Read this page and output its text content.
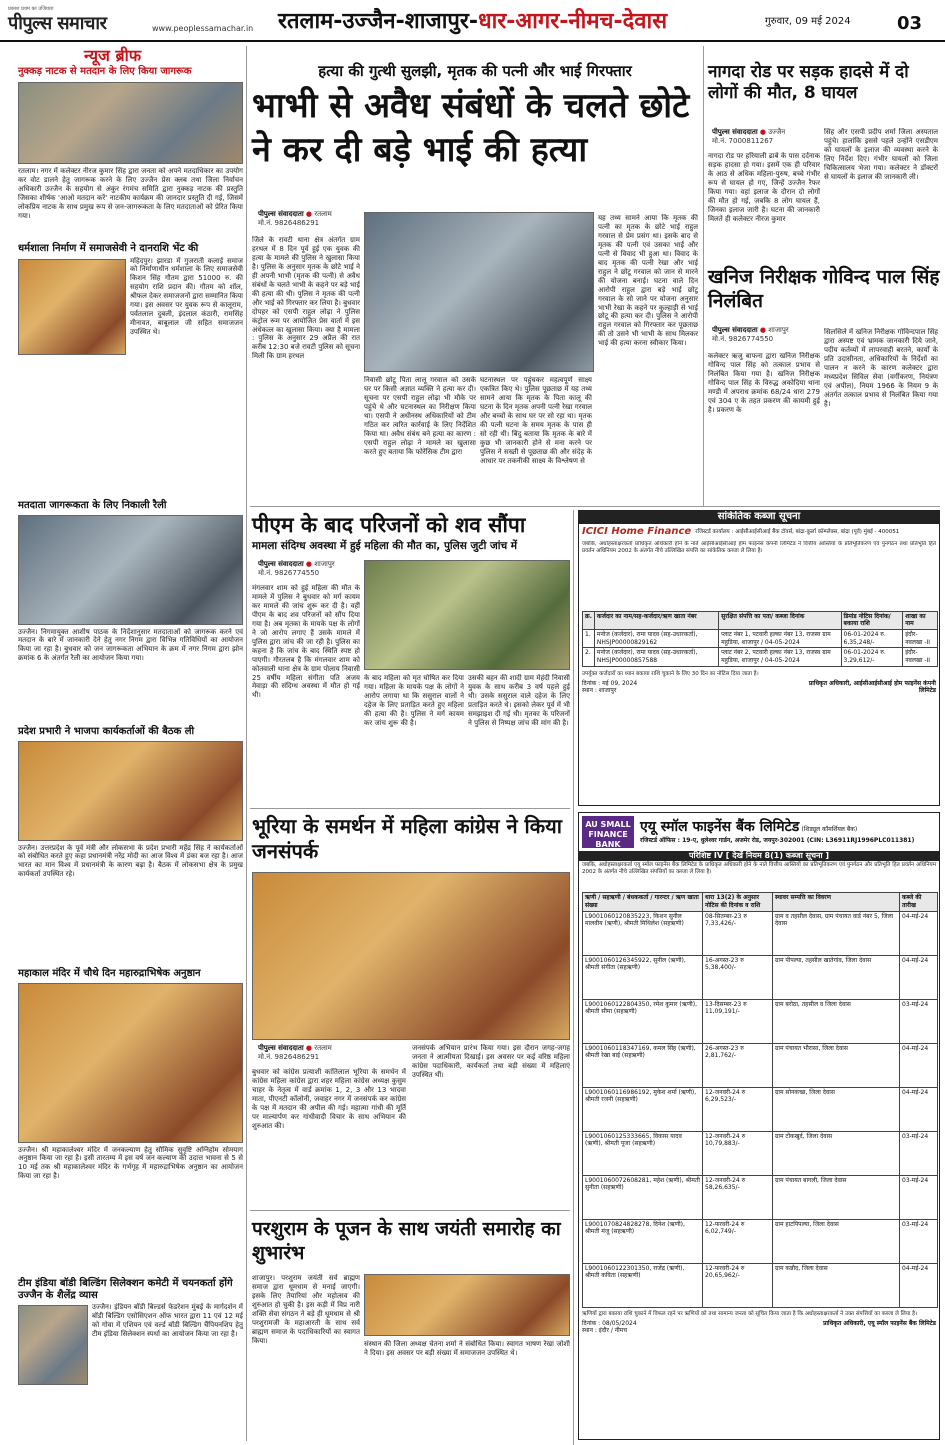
प्रकाश प्रथम का उजियारा
पीपुल्स समाचार	www.peoplessamachar.in रतलाम-उज्जैन-शाजापुर-धार-आगर-नीमच-देवास	गुरुवार, 09 मई 2024	03
न्यूज ब्रीफ
नुक्कड़ नाटक से मतदान के लिए किया जागरूक
रतलाम। नगर में कलेक्टर नीरज कुमार सिंह द्वारा जनता को अपने मतदाधिकार का उपयोग कर वोट डालने हेतु जागरूक करने के लिए उज्जैन प्रेस क्लब तथा जिला निर्वाचन अधिकारी उज्जैन के सहयोग से अंकुर रंगमंच समिति द्वारा नुक्कड़ नाटक की प्रस्तुति जिसका शीर्षक 'आओ मतदान करें' नाटकीय कार्यक्रम की जानदार प्रस्तुति दी गई, जिसमें लोकप्रिय नाटक के साथ प्रमुख रूप से जन-जागरूकता के लिए मतदाताओं को प्रेरित किया गया।
धर्मशाला निर्माण में समाजसेवी ने दानराशि भेंट की
महिदपुर। झारडा में गुजराती कलाई समाज को निर्माणाधीन धर्मशाला के लिए समाजसेवी किशन सिंह गौतम द्वारा 51000 रु. की सहयोग राशि प्रदान की। गौतम को शॉल, श्रीफल देकर समाजजनों द्वारा सम्मानित किया गया। इस अवसर पर युवक रूप से कालूराम, पर्वतलाल दुबली, इंदलाल कंठारी, रामसिंह मीनावत, बाबूलाल जी सहित समाजजन उपस्थित थे।
मतदाता जागरूकता के लिए निकाली रैली
उज्जैन। निगमायुक्त आशीष पाठक के निर्देशानुसार मतदाताओं को जागरूक करने एवं मतदान के बारे में जानकारी देने हेतु नगर निगम द्वारा विभिन्न गतिविधियों का आयोजन किया जा रहा है। बुधवार को जन जागरूकता अभियान के क्रम में नगर निगम द्वारा झोन क्रमांक 6 के अंतर्गत रैली का आयोजन किया गया।
प्रदेश प्रभारी ने भाजपा कार्यकर्ताओं की बैठक ली
उज्जैन। उत्तरप्रदेश के पूर्व मंत्री और लोकसभा के प्रदेश प्रभारी महेंद्र सिंह ने कार्यकर्ताओं को संबोधित करते हुए कहा प्रधानमंत्री नरेंद्र मोदी का आज विश्व में डंका बज रहा है। आज भारत का मान विश्व में प्रधानमंत्री के कारण बढ़ा है। बैठक में लोकसभा क्षेत्र के प्रमुख कार्यकर्ता उपस्थित रहे।
महाकाल मंदिर में चौथे दिन महारुद्राभिषेक अनुष्ठान
उज्जैन। श्री महाकालेश्वर मंदिर में जनकल्याण हेतु सौमिक सुवृष्टि अग्निहोम सोमयाग अनुष्ठान किया जा रहा है। इसी तारतम्य में इस वर्ष जन कल्याण की उदात्त भावना से 5 से 10 मई तक श्री महाकालेश्वर मंदिर के गर्भगृह में महारुद्राभिषेक अनुष्ठान का आयोजन किया जा रहा है।
टीम इंडिया बॉडी बिल्डिंग सिलेक्शन कमेटी में चयनकर्ता होंगे उज्जैन के शैलेंद्र व्यास
उज्जैन। इंडियन बॉडी बिल्डर्स फेडरेशन मुंबई के मार्गदर्शन में बॉडी बिल्डिंग एसोसिएशन ऑफ भारत द्वारा 11 एवं 12 मई को गोवा में एशियन एवं वर्ल्ड बॉडी बिल्डिंग चैंपियनशिप हेतु टीम इंडिया सिलेक्शन स्पर्धा का आयोजन किया जा रहा है।
हत्या की गुत्थी सुलझी, मृतक की पत्नी और भाई गिरफ्तार
भाभी से अवैध संबंधों के चलते छोटे ने कर दी बड़े भाई की हत्या
पीपुल्स संवाददाता ● रतलाम
मो.नं. 9826486291
जिले के रावटी थाना क्षेत्र अंतर्गत ग्राम हरथल में 8 दिन पूर्व हुई एक युवक की हत्या के मामले की पुलिस ने खुलासा किया है। पुलिस के अनुसार मृतक के छोटे भाई ने ही अपनी भाभी (मृतक की पत्नी) से अवैध संबंधों के चलते भाभी के कहने पर बड़े भाई की हत्या की थी। पुलिस ने मृतक की पत्नी और भाई को गिरफ्तार कर लिया है। बुधवार दोपहर को एसपी राहुल लोढ़ा ने पुलिस कंट्रोल रूम पर आयोजित प्रेस वार्ता में इस अंधेकत्ल का खुलासा किया। क्या है मामला : पुलिस के अनुसार 29 अप्रैल की रात करीब 12:30 बजे रावटी पुलिस को सूचना मिली कि ग्राम हरथल
निवासी छोटू पिता लालू गरवाल को उसके घर पर किसी अज्ञात व्यक्ति ने हत्या कर दी। सूचना पर एसपी राहुल लोढ़ा भी मौके पर पहुंचे थे और घटनास्थल का निरीक्षण किया था। एसपी ने अधीनस्थ अधिकारियों को टीम गठित कर त्वरित कार्रवाई के लिए निर्देशित किया था। अवैध संबंध बने हत्या का कारण : एसपी राहुल लोढ़ा ने मामले का खुलासा करते हुए बताया कि फोरेंसिक टीम द्वारा
घटनास्थल पर पहुंचकर महत्वपूर्ण साक्ष्य एकत्रित किए थे। पुलिस पूछताछ में यह तथ्य सामने आया कि मृतक के पिता कालू की घटना के दिन मृतक अपनी पत्नी रेखा गरवाल और बच्चों के साथ घर पर सो रहा था। मृतक की पत्नी घटना के समय मृतक के पास ही सो रही थी। बिंदु बताया कि मृतक के बारे में कुछ भी जानकारी होने से मना करने पर पुलिस ने सख्ती से पूछताछ की और संदेह के आधार पर तकनीकी साक्ष्य के विश्लेषण से
यह तथ्य सामने आया कि मृतक की पत्नी का मृतक के छोटे भाई राहुल गरवाल से प्रेम प्रसंग था। इसके बाद से मृतक की पत्नी एवं उसका भाई और पत्नी से विवाद भी हुआ था। विवाद के बाद मृतक की पत्नी रेखा और भाई राहुल ने छोटू गरवाल को जान से मारने की योजना बनाई। घटना वाले दिन आरोपी राहुल द्वारा बड़े भाई छोटू गरवाल के सो जाने पर योजना अनुसार भाभी रेखा के कहने पर कुल्हाड़ी से भाई छोटू की हत्या कर दी। पुलिस ने आरोपी राहुल गरवाल को गिरफ्तार कर पूछताछ की तो उसने भी भाभी के साथ मिलकर भाई की हत्या करना स्वीकार किया।
नागदा रोड पर सड़क हादसे में दो लोगों की मौत, 8 घायल
पीपुल्स संवाददाता ● उज्जैन
मो.नं. 7000811267
नागदा रोड पर हरियाली ढाबे के पास दर्दनाक सड़क हादसा हो गया। इसमें एक ही परिवार के आठ से अधिक महिला-पुरुष, बच्चे गंभीर रूप से घायल हो गए, जिन्हें उज्जैन रैफर किया गया। वहां इलाज के दौरान दो लोगों की मौत हो गई, जबकि 8 लोग घायल हैं, जिनका इलाज जारी है। घटना की जानकारी मिलते ही कलेक्टर नीरज कुमार
सिंह और एसपी प्रदीप शर्मा जिला अस्पताल पहुंचे। हालांकि इससे पहले उन्होंने एसडीएम को घायलों के इलाज की व्यवस्था करने के लिए निर्देश दिए। गंभीर घायलों को जिला चिकित्सालय भेजा गया। कलेक्टर ने डॉक्टरों से घायलों के इलाज की जानकारी ली।
खनिज निरीक्षक गोविन्द पाल सिंह निलंबित
पीपुल्स संवाददाता ● शाजापुर
मो.नं. 9826774550
कलेक्टर ऋजु बाफना द्वारा खनिज निरीक्षक गोविन्द पाल सिंह को तत्काल प्रभाव से निलंबित किया गया है। खनिज निरीक्षक गोविन्द पाल सिंह के विरुद्ध अकोदिया थाना मण्डी में अपराध क्रमांक 68/24 धारा 279 एवं 304 ए के तहत प्रकरण की कायमी हुई है। प्रकरण के
सिलसिले में खनिज निरीक्षक गोविन्दपाल सिंह द्वारा अस्पष्ट एवं भ्रामक जानकारी दिये जाने, पदीय कर्तव्यों में लापरवाही बरतने, कार्यों के प्रति उदासीनता, अधिकारियों के निर्देशों का पालन न करने के कारण कलेक्टर द्वारा मध्यप्रदेश सिविल सेवा (वर्गीकरण, नियंत्रण एवं अपील), नियम 1966 के नियम 9 के अंतर्गत तत्काल प्रभाव से निलंबित किया गया है।
पीएम के बाद परिजनों को शव सौंपा
मामला संदिग्ध अवस्था में हुई महिला की मौत का, पुलिस जुटी जांच में
पीपुल्स संवाददाता ● शाजापुर
मो.नं. 9826774550
मंगलवार शाम को हुई महिला की मौत के मामले में पुलिस ने बुधवार को मर्ग कायम कर मामले की जांच शुरू कर दी है। वहीं पीएम के बाद शव परिजनों को सौंप दिया गया है। अब मृतका के मायके पक्ष के लोगों ने जो आरोप लगाए हैं उसके मामले में पुलिस द्वारा जांच की जा रही है। पुलिस का कहना है कि जांच के बाद स्थिति स्पष्ट हो पाएगी। गौरतलब है कि मंगलवार शाम को कोतवाली थाना क्षेत्र के ग्राम पोलाय निवासी 25 वर्षीय महिला संगीता पति अजय मेवाड़ा की संदिग्ध अवस्था में मौत हो गई थी।
के बाद महिला को मृत घोषित कर दिया गया। महिला के मायके पक्ष के लोगों ने आरोप लगाया था कि ससुराल वालों ने दहेज के लिए प्रताड़ित करते हुए महिला की हत्या की है। पुलिस ने मर्ग कायम कर जांच शुरू की है।
उसकी बहन की शादी ग्राम मेहंदी निवासी युवक के साथ करीब 3 वर्ष पहले हुई थी। उसके ससुराल वाले दहेज के लिए प्रताड़ित करते थे। इसको लेकर पूर्व में भी समझाइश दी गई थी। मृतका के परिजनों ने पुलिस से निष्पक्ष जांच की मांग की है।
भूरिया के समर्थन में महिला कांग्रेस ने किया जनसंपर्क
पीपुल्स संवाददाता ● रतलाम
मो.नं. 9826486291
बुधवार को कांग्रेस प्रत्याशी कांतिलाल भूरिया के समर्थन में कांग्रेस महिला कांग्रेस द्वारा शहर महिला कांग्रेस अध्यक्ष कुसुम चाहर के नेतृत्व में वार्ड क्रमांक 1, 2, 3 और 13 भादवा माता, पीएनटी कॉलोनी, जवाहर नगर में जनसंपर्क कर कांग्रेस के पक्ष में मतदान की अपील की गई। महात्मा गांधी की मूर्ति पर माल्यार्पण कर गांधीवादी विचार के साथ अभियान की शुरुआत की।
जनसंपर्क अभियान प्रारंभ किया गया। इस दौरान जगह-जगह जनता ने आत्मीयता दिखाई। इस अवसर पर कई वरिष्ठ महिला कांग्रेस पदाधिकारी, कार्यकर्ता तथा बड़ी संख्या में महिलाएं उपस्थित थीं।
परशुराम के पूजन के साथ जयंती समारोह का शुभारंभ
शाजापुर। परशुराम जयंती सर्व ब्राह्मण समाज द्वारा धूमधाम से मनाई जाएगी। इसके लिए तैयारियां और महोत्सव की शुरुआत हो चुकी है। इस कड़ी में विप्र नारी शक्ति सेवा संगठन ने बड़े ही धूमधाम से श्री परशुरामजी के महाआरती के साथ सर्व ब्राह्मण समाज के पदाधिकारियों का स्वागत किया।	संस्थान की जिला अध्यक्ष चेतना शर्मा ने संबोधित किया। स्वागत भाषण रेखा जोशी ने दिया। इस अवसर पर बड़ी संख्या में समाजजन उपस्थित थे।
सांकेतिक कब्जा सूचना
ICICI Home Finance रजिस्टर्ड कार्यालय : आईसीआईसीआई बैंक टॉवर्स, बांद्रा-कुर्ला कॉम्प्लेक्स, बांद्रा (पूर्व) मुंबई - 400051
जबकि, अधोहस्ताक्षरकर्ता प्राधिकृत अधिकारी होने के नाते आईसीआईसीआई होम फाइनेंस कंपनी लिमिटेड ने वित्तीय आस्तियों के प्रतिभूतिकरण एवं पुनर्गठन तथा प्रतिभूति हित प्रवर्तन अधिनियम 2002 के अंतर्गत नीचे उल्लिखित संपत्ति का सांकेतिक कब्जा ले लिया है।
क्र.	कर्जदार का नाम/सह-कर्जदार/ऋण खाता नंबर	सुरक्षित संपत्ति का पता/ कब्जा दिनांक	डिमांड नोटिस दिनांक/ बकाया राशि	शाखा का नाम
1.	मनोज (कर्जदार), रामा यादव (सह-उधारकर्ता), NHSJP00000829162	प्लाट नंबर 1, पटवारी हल्का नंबर 13, राजस्व ग्राम महुडिया, शाजापुर / 04-05-2024	06-01-2024 रु. 6,35,248/-	इंदौर- नवलखा -II
2.	मनोज (कर्जदार), रामा यादव (सह-उधारकर्ता), NHSJP00000857588	प्लाट नंबर 2, पटवारी हल्का नंबर 13, राजस्व ग्राम महुडिया, शाजापुर / 04-05-2024	06-01-2024 रु. 3,29,612/-	इंदौर- नवलखा -II
उपर्युक्त कर्जदारों का ध्यान बकाया राशि चुकाने के लिए 30 दिन का नोटिस दिया जाता है।
दिनांक : मई 09, 2024
स्थान : शाजापुर
प्राधिकृत अधिकारी, आईसीआईसीआई होम फाइनेंस कंपनी लिमिटेड
AU SMALL FINANCE BANK
एयू स्मॉल फाइनेंस बैंक लिमिटेड (शिड्यूल कॉमर्शियल बैंक)
रजिस्टर्ड ऑफिस : 19-ए, धुलेश्वर गार्डन, अजमेर रोड, जयपुर-302001 (CIN: L36911RJ1996PLC011381)
परिशिष्ट IV [ देखें नियम 8(1) कब्जा सूचना ]
जबकि, अधोहस्ताक्षरकर्ता एयू स्मॉल फाइनेंस बैंक लिमिटेड के प्राधिकृत अधिकारी होने के नाते वित्तीय आस्तियों का प्रतिभूतिकरण एवं पुनर्गठन और प्रतिभूति हित प्रवर्तन अधिनियम 2002 के अंतर्गत नीचे उल्लिखित संपत्तियों का कब्जा ले लिया है।
ऋणी / सहऋणी / बंधककर्ता / गारन्टर / ऋण खाता संख्या	धारा 13(2) के अनुसार नोटिस की दिनांक व राशि	स्थावर सम्पत्ति का विवरण	कब्जे की तारीख
L9001060120835223, किशन सुनील मालवीय (ऋणी), श्रीमती मिथिलेश (सहऋणी)	08-सितम्बर-23 रु 7,33,426/-	ग्राम व तहसील देवास, ग्राम पंचायत वार्ड नंबर 5, जिला देवास	04-मई-24
L9001060126345922, सुनील (ऋणी), श्रीमती संगीता (सहऋणी)	16-अगस्त-23 रु 5,38,400/-	ग्राम पीपल्या, तहसील खातेगांव, जिला देवास	04-मई-24
L9001060122804350, रमेश कुमार (ऋणी), श्रीमती सीमा (सहऋणी)	13-दिसम्बर-23 रु 11,09,191/-	ग्राम बरोठा, तहसील व जिला देवास	03-मई-24
L9001060118347169, कमल सिंह (ऋणी), श्रीमती रेखा बाई (सहऋणी)	26-अगस्त-23 रु 2,81,762/-	ग्राम पंचायत भौरासा, जिला देवास	04-मई-24
L9001060116986192, मुकेश शर्मा (ऋणी), श्रीमती रजनी (सहऋणी)	12-जनवरी-24 रु 6,29,523/-	ग्राम सोनकच्छ, जिला देवास	04-मई-24
L9001060125333665, विकास यादव (ऋणी), श्रीमती पूजा (सहऋणी)	12-जनवरी-24 रु 10,79,883/-	ग्राम टोंकखुर्द, जिला देवास	03-मई-24
L9001060072608281, महेश (ऋणी), श्रीमती सुनीता (सहऋणी)	12-जनवरी-24 रु 58,26,635/-	ग्राम पंचायत बागली, जिला देवास	03-मई-24
L9001070824828278, दिनेश (ऋणी), श्रीमती मंजू (सहऋणी)	12-फरवरी-24 रु 6,02,749/-	ग्राम हाटपिपल्या, जिला देवास	03-मई-24
L9001060122301350, राजेंद्र (ऋणी), श्रीमती कविता (सहऋणी)	12-फरवरी-24 रु 20,65,962/-	ग्राम कन्नौद, जिला देवास	04-मई-24
ऋणियों द्वारा बकाया राशि चुकाने में विफल रहने पर ऋणियों को तथा सामान्य जनता को सूचित किया जाता है कि अधोहस्ताक्षरकर्ता ने उक्त संपत्तियों का कब्जा ले लिया है।
दिनांक : 08/05/2024
स्थान : इंदौर / नीमच
प्राधिकृत अधिकारी, एयू स्मॉल फाइनेंस बैंक लिमिटेड
